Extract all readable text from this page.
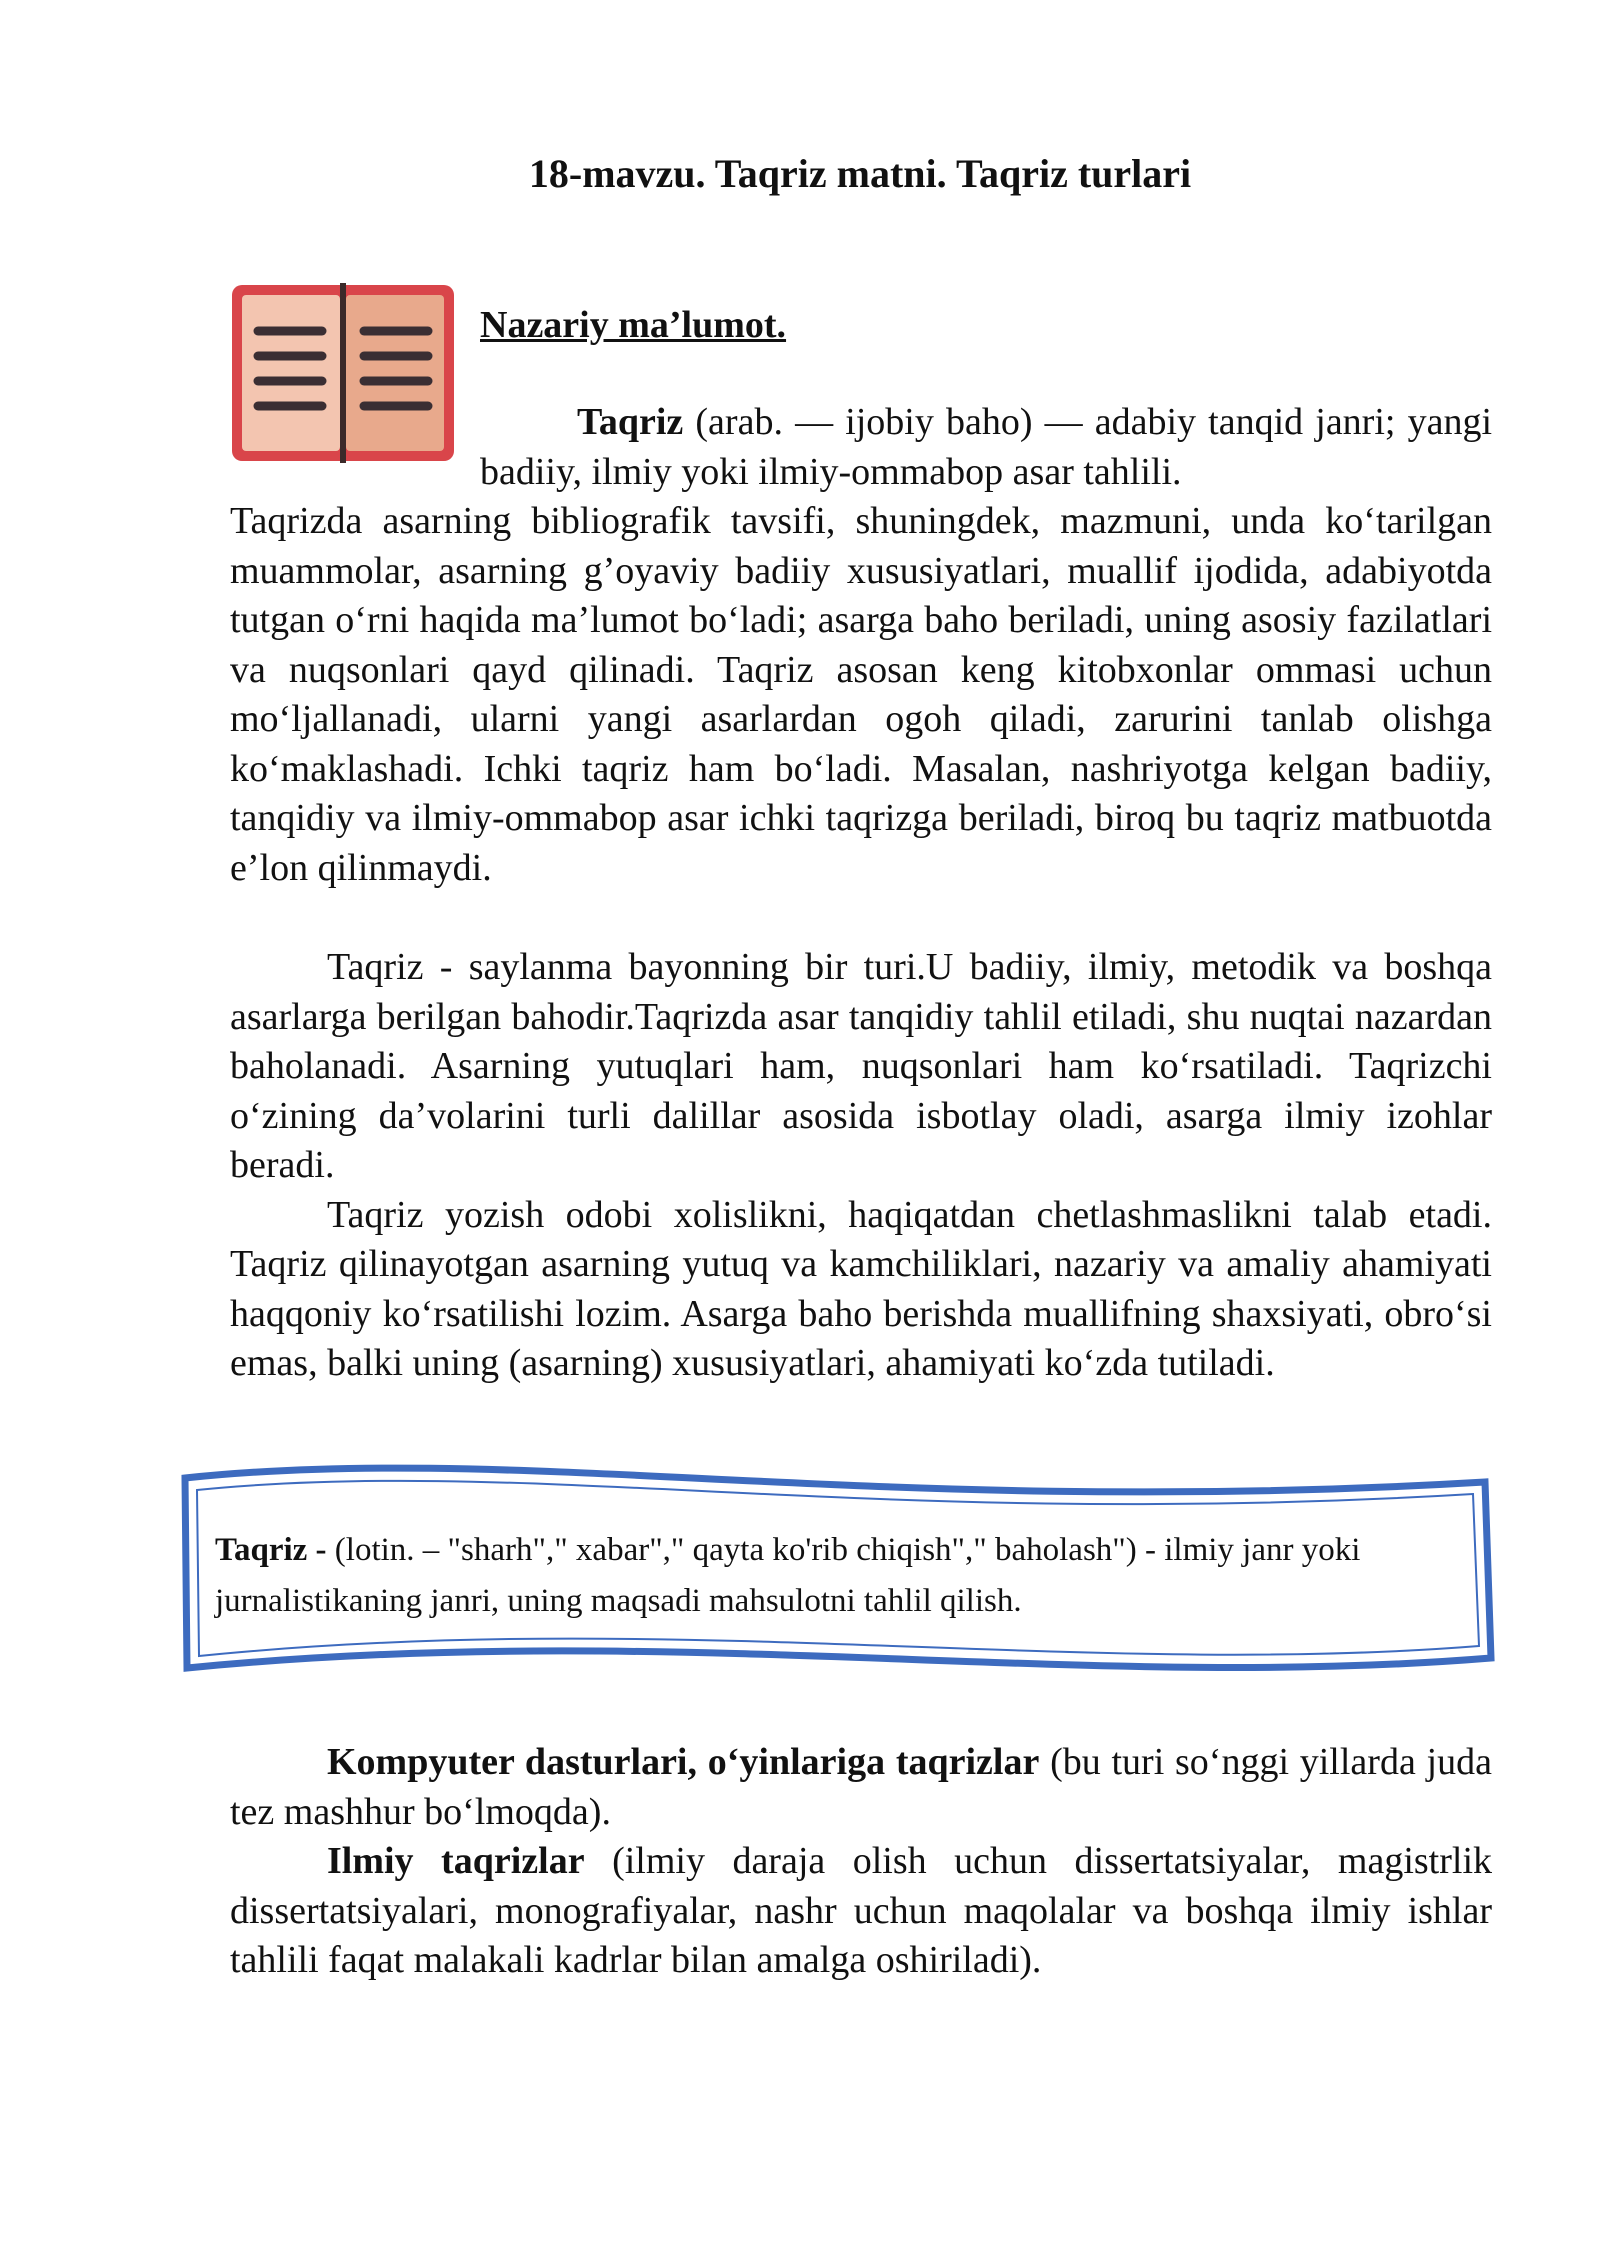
18-mavzu. Taqriz matni. Taqriz turlari
Nazariy ma’lumot.

Taqriz (arab. — ijobiy baho) — adabiy tanqid janri; yangi badiiy, ilmiy yoki ilmiy-ommabop asar tahlili.

Taqrizda asarning bibliografik tavsifi, shuningdek, mazmuni, unda ko‘tarilgan muammolar, asarning g’oyaviy badiiy xususiyatlari, muallif ijodida, adabiyotda tutgan o‘rni haqida ma’lumot bo‘ladi; asarga baho beriladi, uning asosiy fazilatlari va nuqsonlari qayd qilinadi. Taqriz asosan keng kitobxonlar ommasi uchun mo‘ljallanadi, ularni yangi asarlardan ogoh qiladi, zarurini tanlab olishga ko‘maklashadi. Ichki taqriz ham bo‘ladi. Masalan, nashriyotga kelgan badiiy, tanqidiy va ilmiy-ommabop asar ichki taqrizga beriladi, biroq bu taqriz matbuotda e’lon qilinmaydi.

Taqriz - saylanma bayonning bir turi.U badiiy, ilmiy, metodik va boshqa asarlarga berilgan bahodir.Taqrizda asar tanqidiy tahlil etiladi, shu nuqtai nazardan baholanadi. Asarning yutuqlari ham, nuqsonlari ham ko‘rsatiladi. Taqrizchi o‘zining da’volarini turli dalillar asosida isbotlay oladi, asarga ilmiy izohlar beradi.

Taqriz yozish odobi xolislikni, haqiqatdan chetlashmaslikni talab etadi. Taqriz qilinayotgan asarning yutuq va kamchiliklari, nazariy va amaliy ahamiyati haqqoniy ko‘rsatilishi lozim. Asarga baho berishda muallifning shaxsiyati, obro‘si emas, balki uning (asarning) xususiyatlari, ahamiyati ko‘zda tutiladi.

Taqriz - (lotin. – "sharh"," xabar"," qayta ko'rib chiqish"," baholash") - ilmiy janr yoki jurnalistikaning janri, uning maqsadi mahsulotni tahlil qilish.

Kompyuter dasturlari, o‘yinlariga taqrizlar (bu turi so‘nggi yillarda juda tez mashhur bo‘lmoqda).

Ilmiy taqrizlar (ilmiy daraja olish uchun dissertatsiyalar, magistrlik dissertatsiyalari, monografiyalar, nashr uchun maqolalar va boshqa ilmiy ishlar tahlili faqat malakali kadrlar bilan amalga oshiriladi).
